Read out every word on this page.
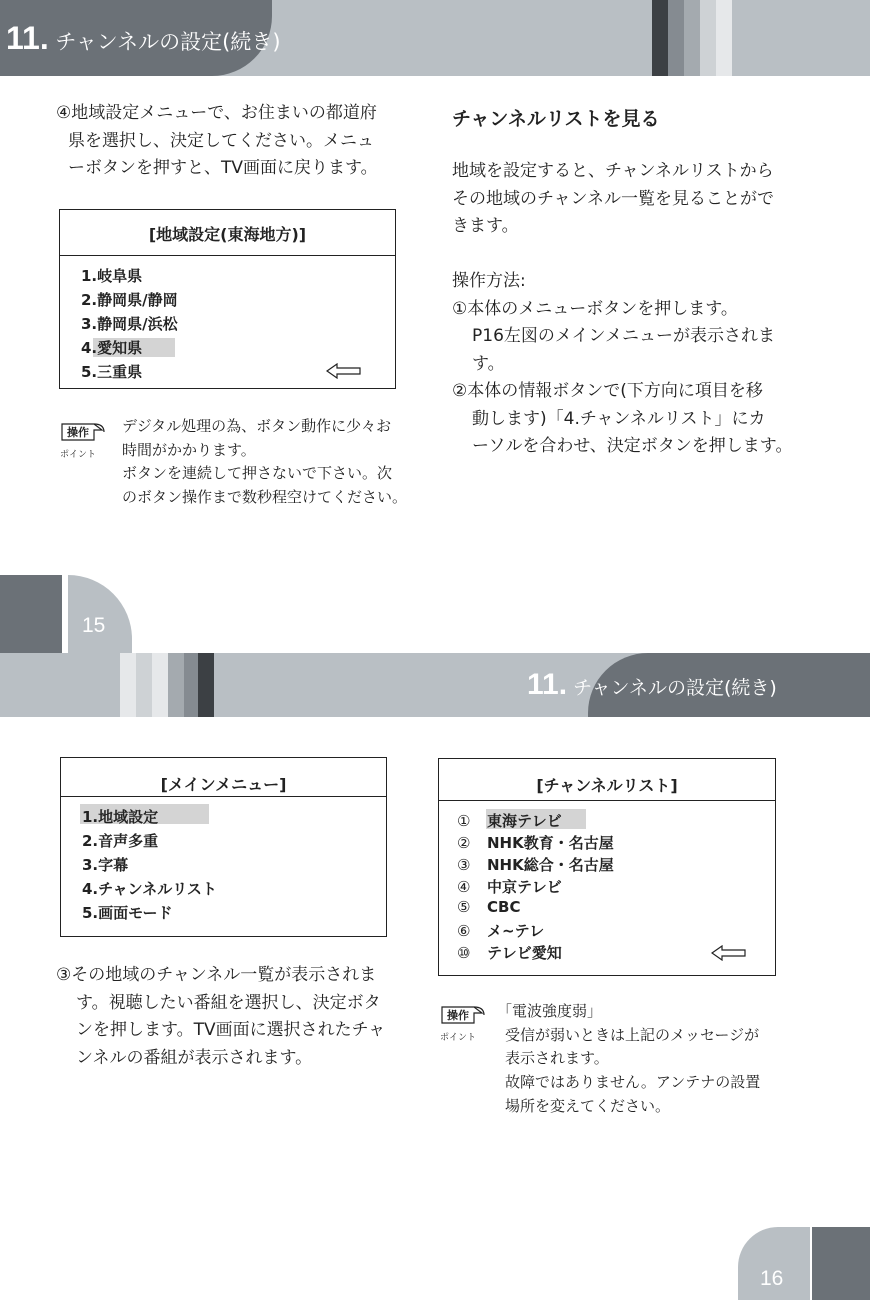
11. チャンネルの設定(続き)
④地域設定メニューで、お住まいの都道府
県を選択し、決定してください。メニュ
ーボタンを押すと、TV画面に戻ります。
[地域設定(東海地方)]
1.岐阜県
2.静岡県/静岡
3.静岡県/浜松
4.愛知県
5.三重県
操作
ポイント
デジタル処理の為、ボタン動作に少々お
時間がかかります。
ボタンを連続して押さないで下さい。次
のボタン操作まで数秒程空けてください。
チャンネルリストを見る
地域を設定すると、チャンネルリストから
その地域のチャンネル一覧を見ることがで
きます。
操作方法:
①本体のメニューボタンを押します。
P16左図のメインメニューが表示されま
す。
②本体の情報ボタンで(下方向に項目を移
動します)「4.チャンネルリスト」にカ
ーソルを合わせ、決定ボタンを押します。
15
11. チャンネルの設定(続き)
[メインメニュー]
1.地域設定
2.音声多重
3.字幕
4.チャンネルリスト
5.画面モード
③その地域のチャンネル一覧が表示されま
す。視聴したい番組を選択し、決定ボタ
ンを押します。TV画面に選択されたチャ
ンネルの番組が表示されます。
[チャンネルリスト]
① 東海テレビ
② NHK教育・名古屋
③ NHK総合・名古屋
④ 中京テレビ
⑤ CBC
⑥ メ~テレ
⑩ テレビ愛知
操作
ポイント
「電波強度弱」
受信が弱いときは上記のメッセージが
表示されます。
故障ではありません。アンテナの設置
場所を変えてください。
16
